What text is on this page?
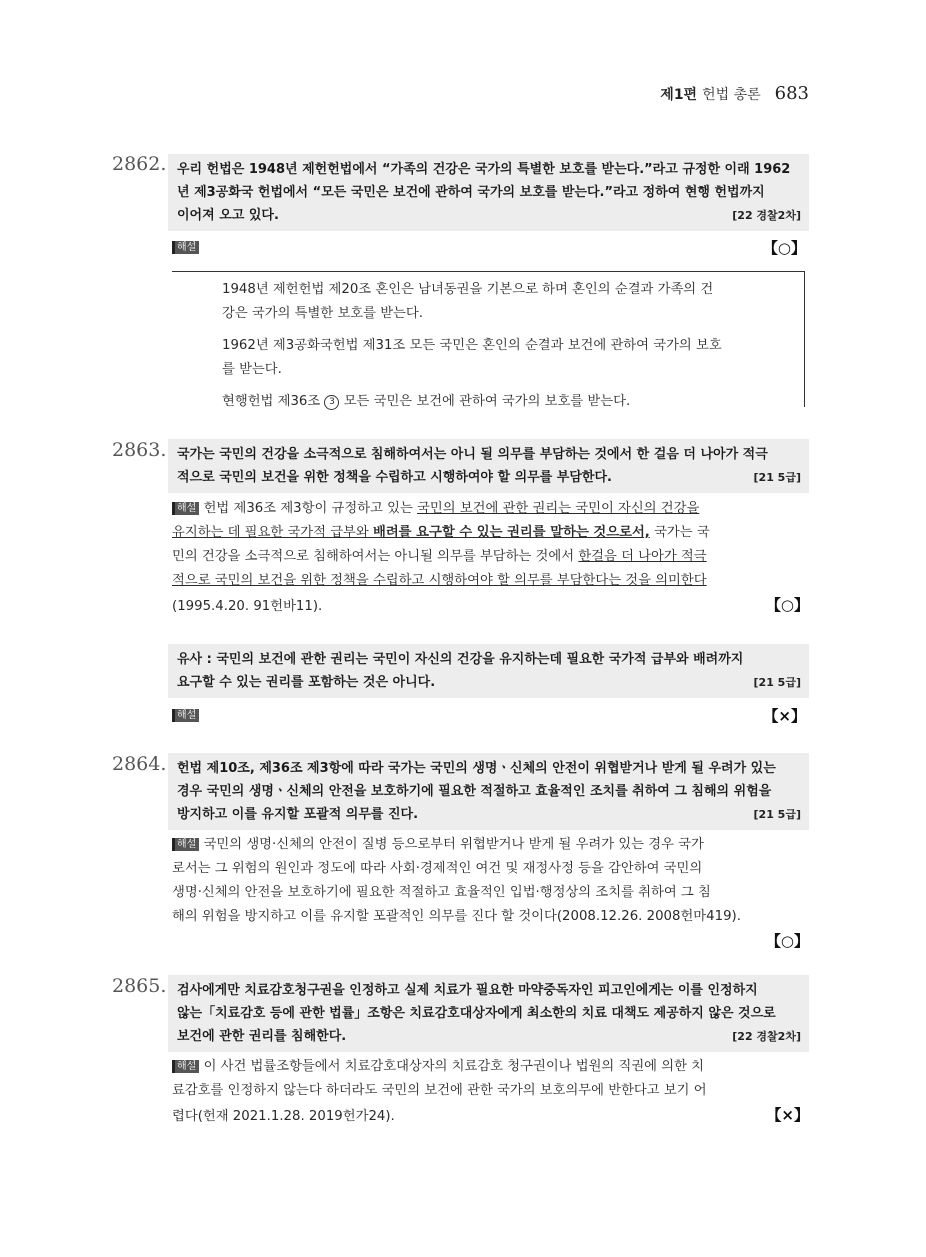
제1편 헌법 총론 683
2862. 우리 헌법은 1948년 제헌헌법에서 “가족의 건강은 국가의 특별한 보호를 받는다.”라고 규정한 이래 1962
년 제3공화국 헌법에서 “모든 국민은 보건에 관하여 국가의 보호를 받는다.”라고 정하여 현행 헌법까지
이어져 오고 있다.	[22 경찰2차]
해설	【○】

1948년 제헌헌법 제20조 혼인은 남녀동권을 기본으로 하며 혼인의 순결과 가족의 건
강은 국가의 특별한 보호를 받는다.

1962년 제3공화국헌법 제31조 모든 국민은 혼인의 순결과 보건에 관하여 국가의 보호
를 받는다.

현행헌법 제36조 3 모든 국민은 보건에 관하여 국가의 보호를 받는다.

2863. 국가는 국민의 건강을 소극적으로 침해하여서는 아니 될 의무를 부담하는 것에서 한 걸음 더 나아가 적극
적으로 국민의 보건을 위한 정책을 수립하고 시행하여야 할 의무를 부담한다.	[21 5급]
해설 헌법 제36조 제3항이 규정하고 있는 국민의 보건에 관한 권리는 국민이 자신의 건강을
유지하는 데 필요한 국가적 급부와 배려를 요구할 수 있는 권리를 말하는 것으로서, 국가는 국
민의 건강을 소극적으로 침해하여서는 아니될 의무를 부담하는 것에서 한걸음 더 나아가 적극
적으로 국민의 보건을 위한 정책을 수립하고 시행하여야 할 의무를 부담한다는 것을 의미한다
(1995.4.20. 91헌바11).	【○】
유사 : 국민의 보건에 관한 권리는 국민이 자신의 건강을 유지하는데 필요한 국가적 급부와 배려까지
요구할 수 있는 권리를 포함하는 것은 아니다.	[21 5급]
해설	【×】
2864. 헌법 제10조, 제36조 제3항에 따라 국가는 국민의 생명ㆍ신체의 안전이 위협받거나 받게 될 우려가 있는
경우 국민의 생명ㆍ신체의 안전을 보호하기에 필요한 적절하고 효율적인 조치를 취하여 그 침해의 위험을
방지하고 이를 유지할 포괄적 의무를 진다.	[21 5급]
해설 국민의 생명·신체의 안전이 질병 등으로부터 위협받거나 받게 될 우려가 있는 경우 국가
로서는 그 위험의 원인과 정도에 따라 사회·경제적인 여건 및 재정사정 등을 감안하여 국민의
생명·신체의 안전을 보호하기에 필요한 적절하고 효율적인 입법·행정상의 조치를 취하여 그 침
해의 위험을 방지하고 이를 유지할 포괄적인 의무를 진다 할 것이다(2008.12.26. 2008헌마419).
【○】
2865. 검사에게만 치료감호청구권을 인정하고 실제 치료가 필요한 마약중독자인 피고인에게는 이를 인정하지
않는「치료감호 등에 관한 법률」조항은 치료감호대상자에게 최소한의 치료 대책도 제공하지 않은 것으로
보건에 관한 권리를 침해한다.	[22 경찰2차]
해설 이 사건 법률조항들에서 치료감호대상자의 치료감호 청구권이나 법원의 직권에 의한 치
료감호를 인정하지 않는다 하더라도 국민의 보건에 관한 국가의 보호의무에 반한다고 보기 어
렵다(헌재 2021.1.28. 2019헌가24).	【×】
